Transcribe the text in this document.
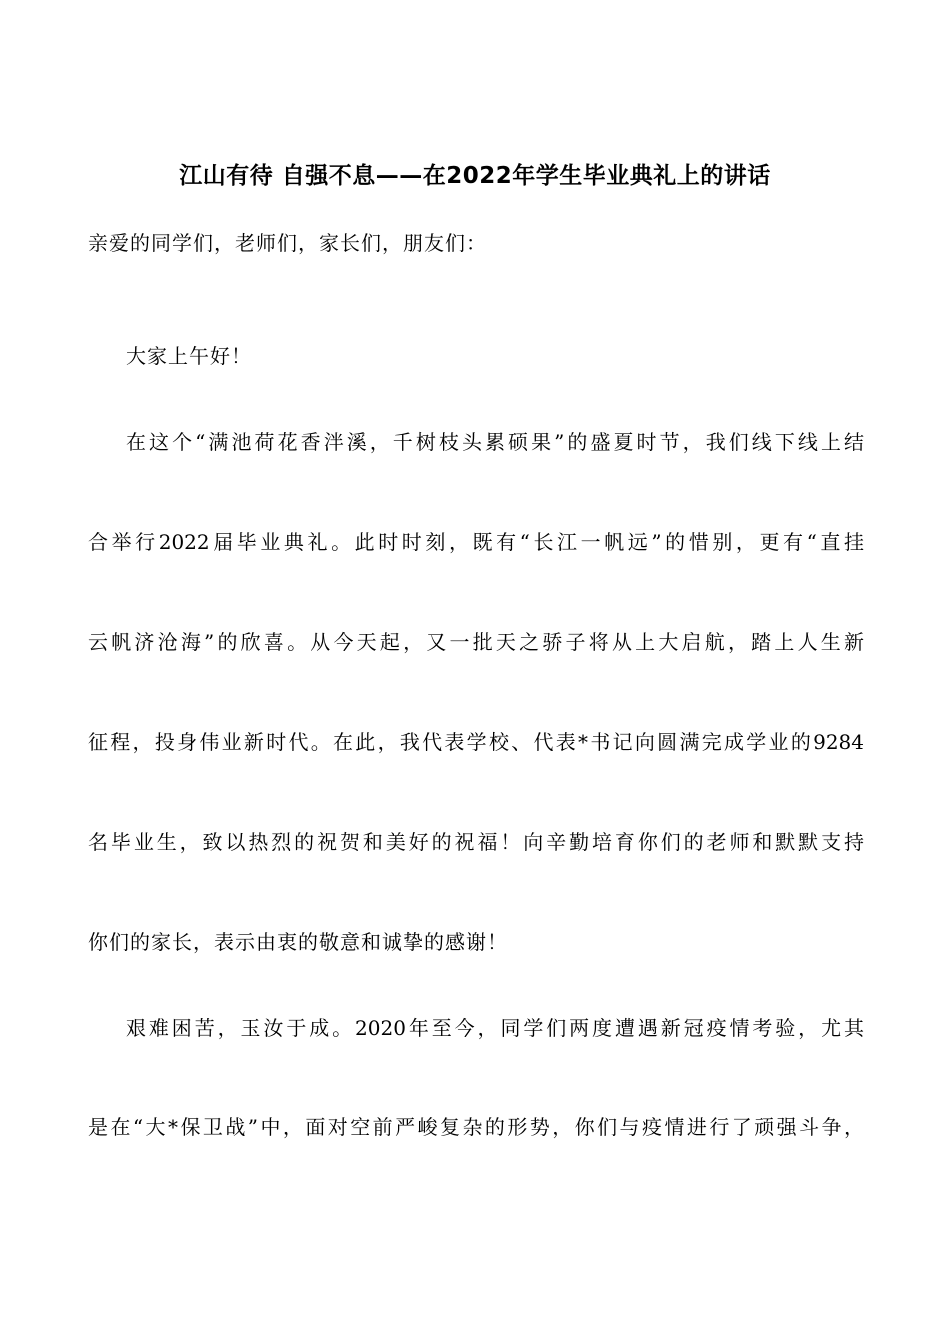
江山有待 自强不息——在2022年学生毕业典礼上的讲话
亲爱的同学们，老师们，家长们，朋友们：
大家上午好！
在这个“满池荷花香泮溪，千树枝头累硕果”的盛夏时节，我们线下线上结
合举行2022届毕业典礼。此时时刻，既有“长江一帆远”的惜别，更有“直挂
云帆济沧海”的欣喜。从今天起，又一批天之骄子将从上大启航，踏上人生新
征程，投身伟业新时代。在此，我代表学校、代表*书记向圆满完成学业的9284
名毕业生，致以热烈的祝贺和美好的祝福！向辛勤培育你们的老师和默默支持
你们的家长，表示由衷的敬意和诚挚的感谢！
艰难困苦，玉汝于成。2020年至今，同学们两度遭遇新冠疫情考验，尤其
是在“大*保卫战”中，面对空前严峻复杂的形势，你们与疫情进行了顽强斗争，
